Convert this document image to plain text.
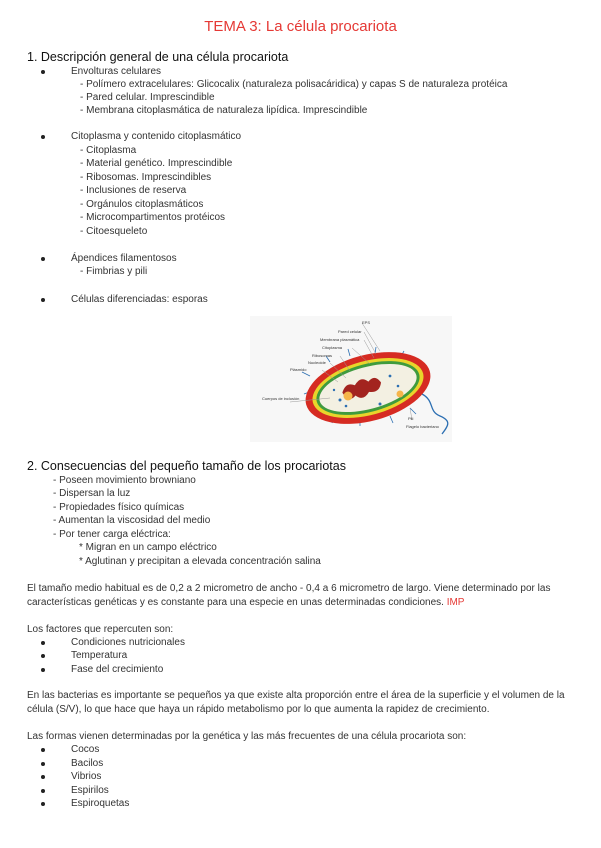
TEMA 3: La célula procariota
1. Descripción general de una célula procariota
Envolturas celulares
- Polímero extracelulares: Glicocalix (naturaleza polisacáridica) y capas S de naturaleza protéica
- Pared celular. Imprescindible
- Membrana citoplasmática de naturaleza lipídica. Imprescindible
Citoplasma y contenido citoplasmático
- Citoplasma
- Material genético. Imprescindible
- Ribosomas. Imprescindibles
- Inclusiones de reserva
- Orgánulos citoplasmáticos
- Microcompartimentos protéicos
- Citoesqueleto
Ápendices filamentosos
- Fimbrias y pili
Células diferenciadas: esporas
EPS
Pared celular
Membrana plasmática
Citoplasma
Ribosomas
Nucleoide
Plásmido
Cuerpos de inclusión
Pili
Flagelo bacteriano
2. Consecuencias del pequeño tamaño de los procariotas
- Poseen movimiento browniano
- Dispersan la luz
- Propiedades físico químicas
- Aumentan la viscosidad del medio
- Por tener carga eléctrica:
* Migran en un campo eléctrico
* Aglutinan y precipitan a elevada concentración salina
El tamaño medio habitual es de 0,2 a 2 micrometro de ancho - 0,4 a 6 micrometro de largo. Viene determinado por las
características genéticas y es constante para una especie en unas determinadas condiciones. IMP
Los factores que repercuten son:
Condiciones nutricionales
Temperatura
Fase del crecimiento
En las bacterias es importante se pequeños ya que existe alta proporción entre el área de la superficie y el volumen de la
célula (S/V), lo que hace que haya un rápido metabolismo por lo que aumenta la rapidez de crecimiento.
Las formas vienen determinadas por la genética y las más frecuentes de una célula procariota son:
Cocos
Bacilos
Vibrios
Espirilos
Espiroquetas
